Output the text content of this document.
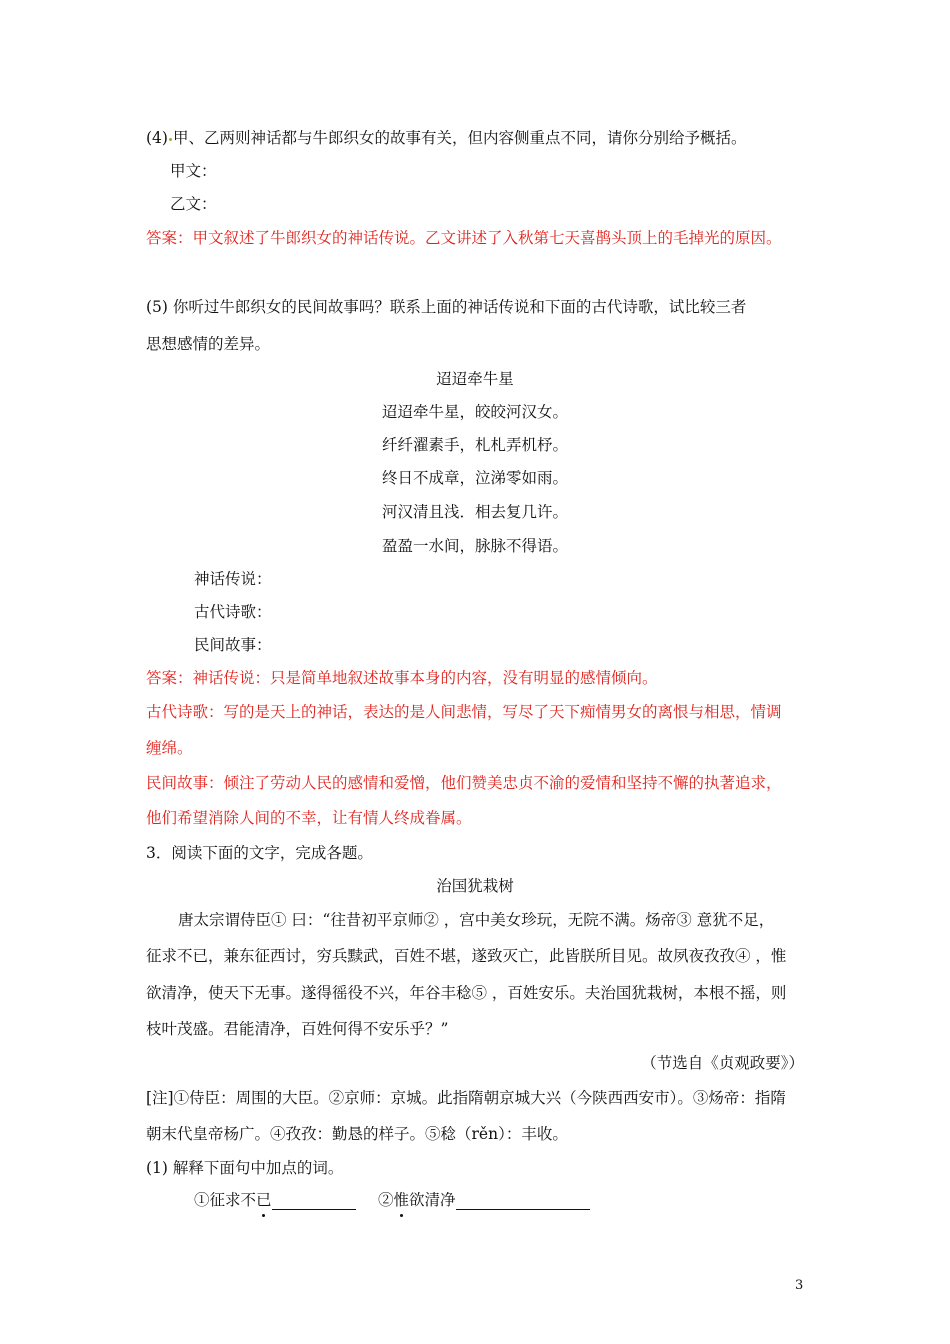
(4) 甲、乙两则神话都与牛郎织女的故事有关，但内容侧重点不同，请你分别给予概括。
甲文：
乙文：
答案：甲文叙述了牛郎织女的神话传说。乙文讲述了入秋第七天喜鹊头顶上的毛掉光的原因。
(5) 你听过牛郎织女的民间故事吗？联系上面的神话传说和下面的古代诗歌，试比较三者
思想感情的差异。
迢迢牵牛星
迢迢牵牛星，皎皎河汉女。
纤纤濯素手，札札弄机杼。
终日不成章，泣涕零如雨。
河汉清且浅．相去复几许。
盈盈一水间，脉脉不得语。
神话传说：
古代诗歌：
民间故事：
答案：神话传说：只是简单地叙述故事本身的内容，没有明显的感情倾向。
古代诗歌：写的是天上的神话，表达的是人间悲情，写尽了天下痴情男女的离恨与相思，情调
缠绵。
民间故事：倾注了劳动人民的感情和爱憎，他们赞美忠贞不渝的爱情和坚持不懈的执著追求，
他们希望消除人间的不幸，让有情人终成眷属。
3．阅读下面的文字，完成各题。
治国犹栽树
唐太宗谓侍臣① 曰：“往昔初平京师② ，宫中美女珍玩，无院不满。炀帝③ 意犹不足，
征求不已，兼东征西讨，穷兵黩武，百姓不堪，遂致灭亡，此皆朕所目见。故夙夜孜孜④ ，惟
欲清净，使天下无事。遂得徭役不兴，年谷丰稔⑤ ，百姓安乐。夫治国犹栽树，本根不摇，则
枝叶茂盛。君能清净，百姓何得不安乐乎？”
（节选自《贞观政要》）
[注]①侍臣：周围的大臣。②京师：京城。此指隋朝京城大兴（今陕西西安市）。③炀帝：指隋
朝末代皇帝杨广。④孜孜：勤恳的样子。⑤稔（rěn）：丰收。
(1) 解释下面句中加点的词。
①征求不已	②惟欲清净
3
